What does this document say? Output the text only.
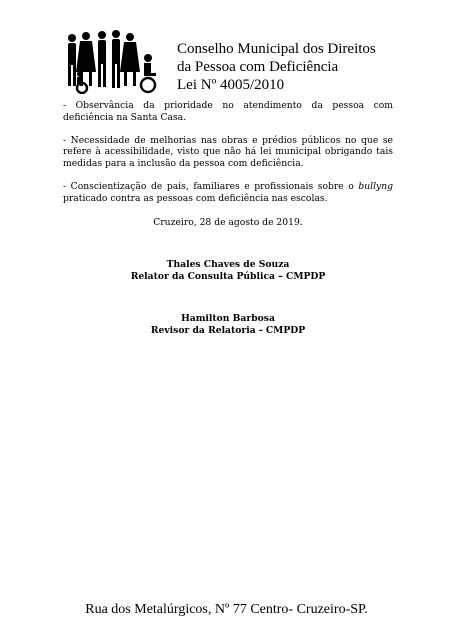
Conselho Municipal dos Direitos
da Pessoa com Deficiência
Lei Nº 4005/2010

- Observância da prioridade no atendimento da pessoa com deficiência na Santa Casa.

- Necessidade de melhorias nas obras e prédios públicos no que se refere à acessibilidade, visto que não há lei municipal obrigando tais medidas para a inclusão da pessoa com deficiência.

- Conscientização de pais, familiares e profissionais sobre o bullyng praticado contra as pessoas com deficiência nas escolas.

Cruzeiro, 28 de agosto de 2019.
Thales Chaves de Souza
Relator da Consulta Pública – CMPDP
Hamilton Barbosa
Revisor da Relatoria - CMPDP
Rua dos Metalúrgicos, Nº 77 Centro- Cruzeiro-SP.
